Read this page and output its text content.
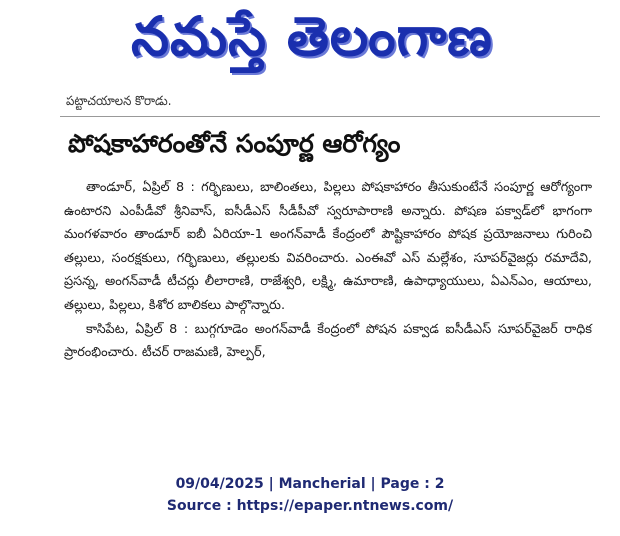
నమస్తే తెలంగాణ
పట్టాచయాలన కొరాడు.
పోషకాహారంతోనే సంపూర్ణ ఆరోగ్యం

తాండూర్, ఏప్రిల్ 8 : గర్భిణులు, బాలింతలు, పిల్లలు పోషకాహారం తీసుకుంటేనే సంపూర్ణ ఆరోగ్యంగా ఉంటారని ఎంపీడీవో శ్రీనివాస్, ఐసీడీఎస్ సీడీపీవో స్వరూపారాణి అన్నారు. పోషణ పక్వాడ్‌లో భాగంగా మంగళవారం తాండూర్ ఐబీ ఏరియా-1 అంగన్‌వాడీ కేంద్రంలో పౌష్టికాహారం పోషక ప్రయోజనాలు గురించి తల్లులు, సంరక్షకులు, గర్భిణులు, తల్లులకు వివరించారు. ఎంఈవో ఎస్ మల్లేశం, సూపర్‌వైజర్లు రమాదేవి, ప్రసన్న, అంగన్‌వాడీ టీచర్లు లీలారాణి, రాజేశ్వరి, లక్ష్మి, ఉమారాణి, ఉపాధ్యాయులు, ఏఎన్‌ఎం, ఆయాలు, తల్లులు, పిల్లలు, కిశోర బాలికలు పాల్గొన్నారు.

కాసిపేట, ఏప్రిల్ 8 : బుగ్గగూడెం అంగన్‌వాడీ కేంద్రంలో పోషన పక్వాడ ఐసీడీఎస్ సూపర్‌వైజర్ రాధిక ప్రారంభించారు. టీచర్ రాజమణి, హెల్పర్,

09/04/2025 | Mancherial | Page : 2
Source : https://epaper.ntnews.com/
